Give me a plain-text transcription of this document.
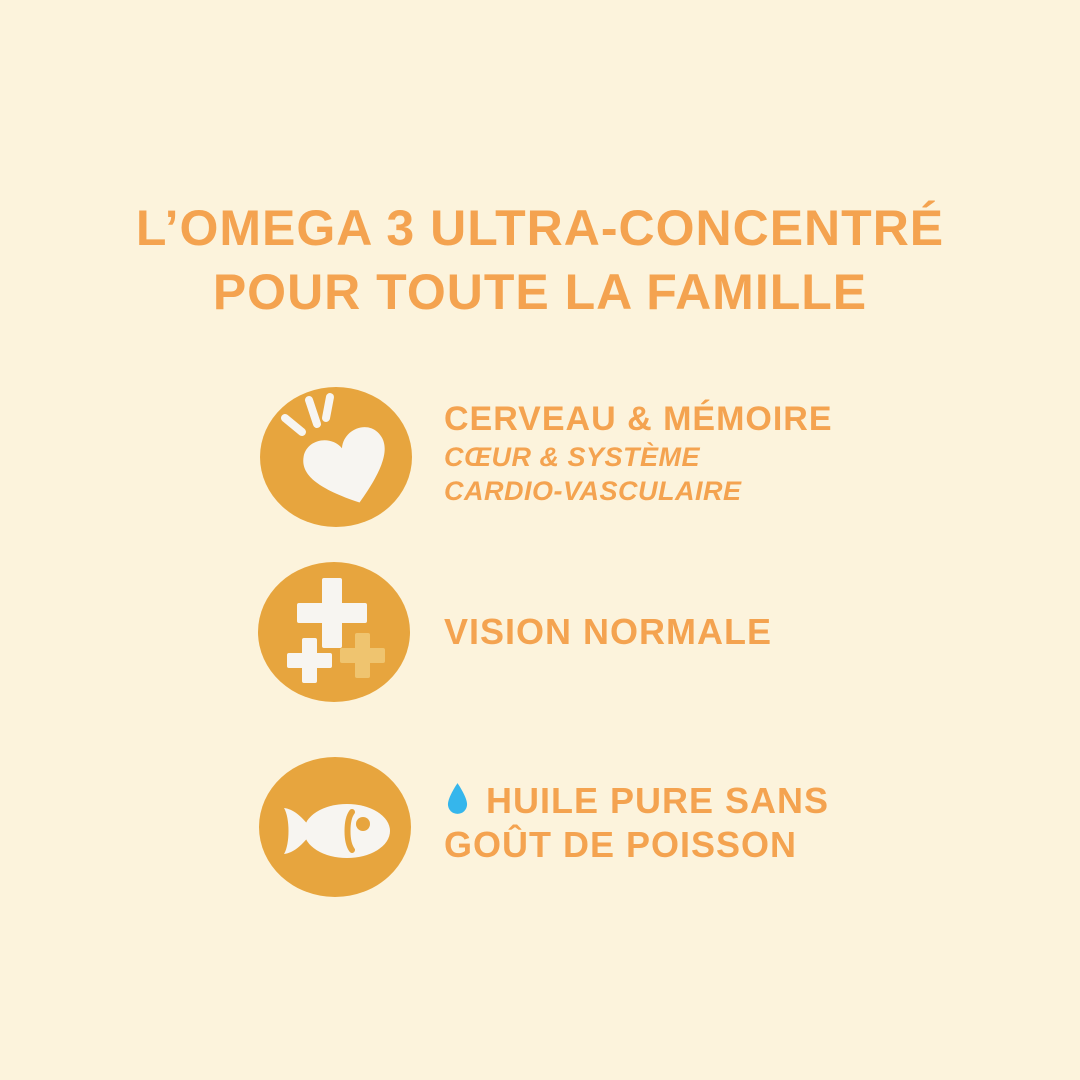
L’OMEGA 3 ULTRA-CONCENTRÉ
POUR TOUTE LA FAMILLE
CERVEAU & MÉMOIRE
CŒUR & SYSTÈME
CARDIO-VASCULAIRE
VISION NORMALE
HUILE PURE SANS
GOÛT DE POISSON
